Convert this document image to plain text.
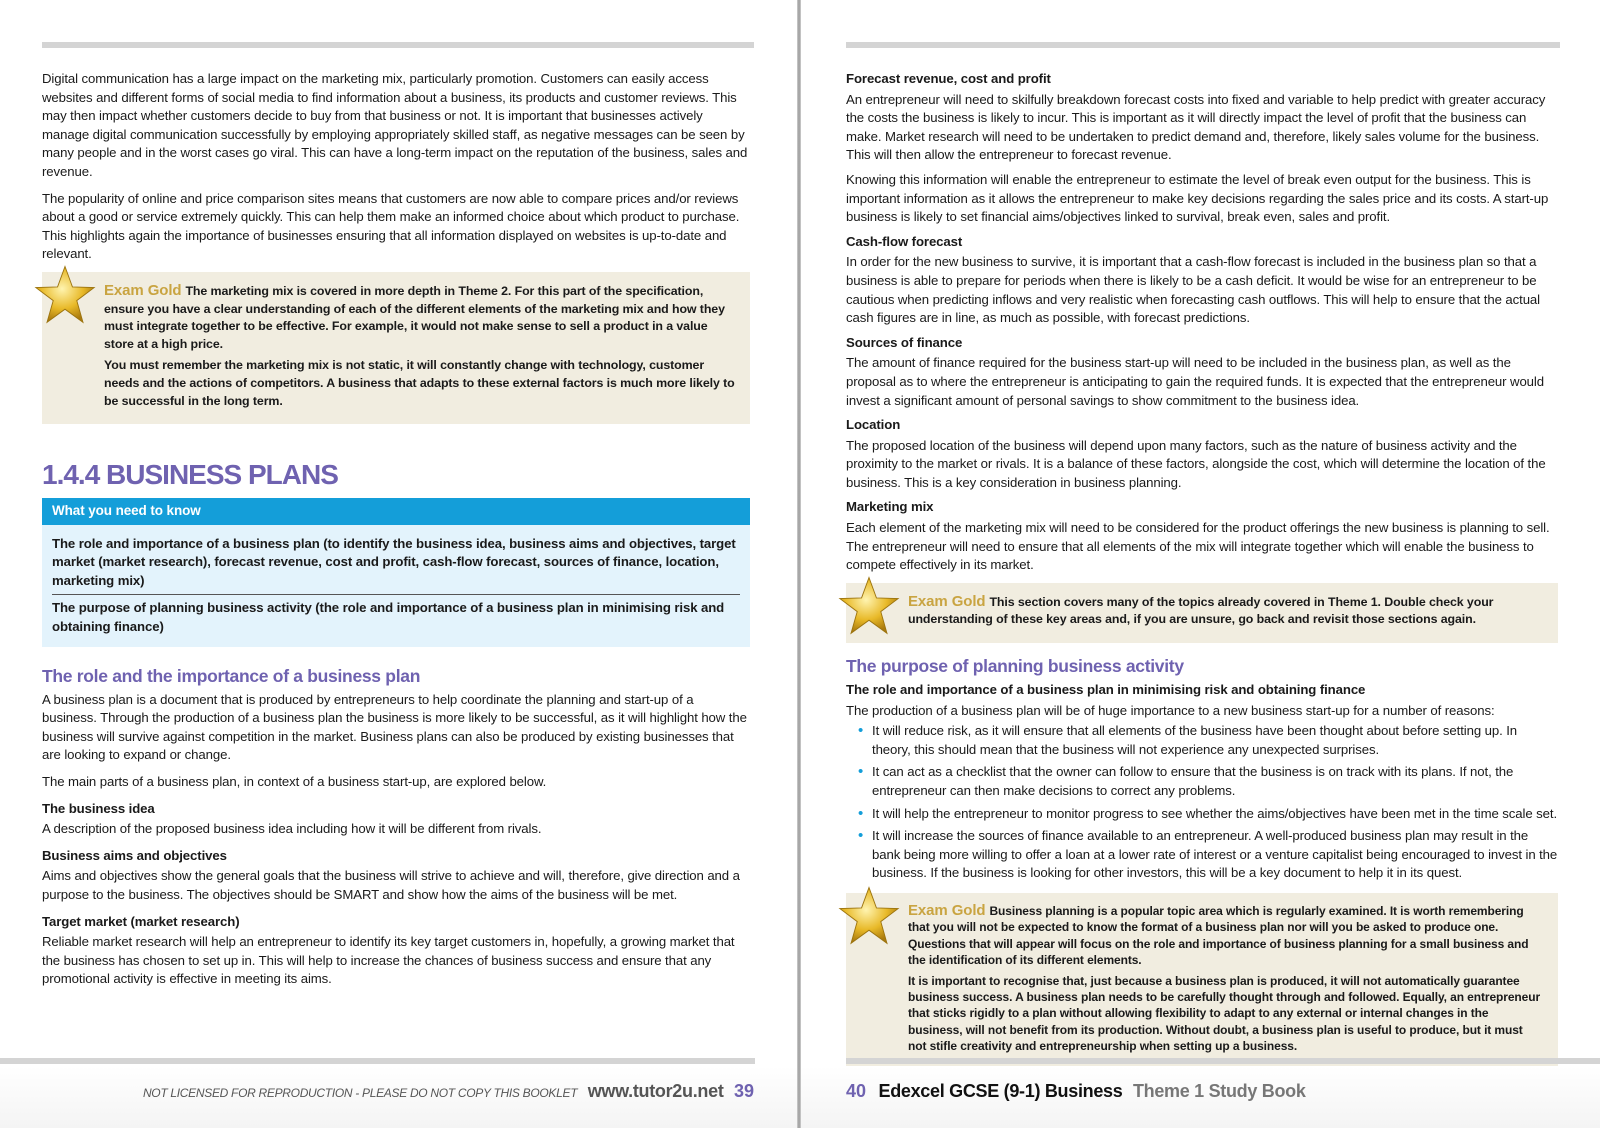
Digital communication has a large impact on the marketing mix, particularly promotion. Customers can easily access websites and different forms of social media to find information about a business, its products and customer reviews. This may then impact whether customers decide to buy from that business or not. It is important that businesses actively manage digital communication successfully by employing appropriately skilled staff, as negative messages can be seen by many people and in the worst cases go viral. This can have a long-term impact on the reputation of the business, sales and revenue.

The popularity of online and price comparison sites means that customers are now able to compare prices and/or reviews about a good or service extremely quickly. This can help them make an informed choice about which product to purchase. This highlights again the importance of businesses ensuring that all information displayed on websites is up-to-date and relevant.

Exam Gold The marketing mix is covered in more depth in Theme 2. For this part of the specification, ensure you have a clear understanding of each of the different elements of the marketing mix and how they must integrate together to be effective. For example, it would not make sense to sell a product in a value store at a high price.

You must remember the marketing mix is not static, it will constantly change with technology, customer needs and the actions of competitors. A business that adapts to these external factors is much more likely to be successful in the long term.

1.4.4 BUSINESS PLANS
What you need to know
The role and importance of a business plan (to identify the business idea, business aims and objectives, target market (market research), forecast revenue, cost and profit, cash-flow forecast, sources of finance, location, marketing mix)
The purpose of planning business activity (the role and importance of a business plan in minimising risk and obtaining finance)
The role and the importance of a business plan

A business plan is a document that is produced by entrepreneurs to help coordinate the planning and start-up of a business. Through the production of a business plan the business is more likely to be successful, as it will highlight how the business will survive against competition in the market. Business plans can also be produced by existing businesses that are looking to expand or change.

The main parts of a business plan, in context of a business start-up, are explored below.

The business idea

A description of the proposed business idea including how it will be different from rivals.

Business aims and objectives

Aims and objectives show the general goals that the business will strive to achieve and will, therefore, give direction and a purpose to the business. The objectives should be SMART and show how the aims of the business will be met.

Target market (market research)

Reliable market research will help an entrepreneur to identify its key target customers in, hopefully, a growing market that the business has chosen to set up in. This will help to increase the chances of business success and ensure that any promotional activity is effective in meeting its aims.

NOT LICENSED FOR REPRODUCTION - PLEASE DO NOT COPY THIS BOOKLET www.tutor2u.net 39
Forecast revenue, cost and profit

An entrepreneur will need to skilfully breakdown forecast costs into fixed and variable to help predict with greater accuracy the costs the business is likely to incur. This is important as it will directly impact the level of profit that the business can make. Market research will need to be undertaken to predict demand and, therefore, likely sales volume for the business. This will then allow the entrepreneur to forecast revenue.

Knowing this information will enable the entrepreneur to estimate the level of break even output for the business. This is important information as it allows the entrepreneur to make key decisions regarding the sales price and its costs. A start-up business is likely to set financial aims/objectives linked to survival, break even, sales and profit.

Cash-flow forecast

In order for the new business to survive, it is important that a cash-flow forecast is included in the business plan so that a business is able to prepare for periods when there is likely to be a cash deficit. It would be wise for an entrepreneur to be cautious when predicting inflows and very realistic when forecasting cash outflows. This will help to ensure that the actual cash figures are in line, as much as possible, with forecast predictions.

Sources of finance

The amount of finance required for the business start-up will need to be included in the business plan, as well as the proposal as to where the entrepreneur is anticipating to gain the required funds. It is expected that the entrepreneur would invest a significant amount of personal savings to show commitment to the business idea.

Location

The proposed location of the business will depend upon many factors, such as the nature of business activity and the proximity to the market or rivals. It is a balance of these factors, alongside the cost, which will determine the location of the business. This is a key consideration in business planning.

Marketing mix

Each element of the marketing mix will need to be considered for the product offerings the new business is planning to sell. The entrepreneur will need to ensure that all elements of the mix will integrate together which will enable the business to compete effectively in its market.

Exam Gold This section covers many of the topics already covered in Theme 1. Double check your understanding of these key areas and, if you are unsure, go back and revisit those sections again.

The purpose of planning business activity
The role and importance of a business plan in minimising risk and obtaining finance

The production of a business plan will be of huge importance to a new business start-up for a number of reasons:

• It will reduce risk, as it will ensure that all elements of the business have been thought about before setting up. In theory, this should mean that the business will not experience any unexpected surprises.
• It can act as a checklist that the owner can follow to ensure that the business is on track with its plans. If not, the entrepreneur can then make decisions to correct any problems.
• It will help the entrepreneur to monitor progress to see whether the aims/objectives have been met in the time scale set.
• It will increase the sources of finance available to an entrepreneur. A well-produced business plan may result in the bank being more willing to offer a loan at a lower rate of interest or a venture capitalist being encouraged to invest in the business. If the business is looking for other investors, this will be a key document to help it in its quest.

Exam Gold Business planning is a popular topic area which is regularly examined. It is worth remembering that you will not be expected to know the format of a business plan nor will you be asked to produce one. Questions that will appear will focus on the role and importance of business planning for a small business and the identification of its different elements.

It is important to recognise that, just because a business plan is produced, it will not automatically guarantee business success. A business plan needs to be carefully thought through and followed. Equally, an entrepreneur that sticks rigidly to a plan without allowing flexibility to adapt to any external or internal changes in the business, will not benefit from its production. Without doubt, a business plan is useful to produce, but it must not stifle creativity and entrepreneurship when setting up a business.

40 Edexcel GCSE (9-1) Business Theme 1 Study Book
